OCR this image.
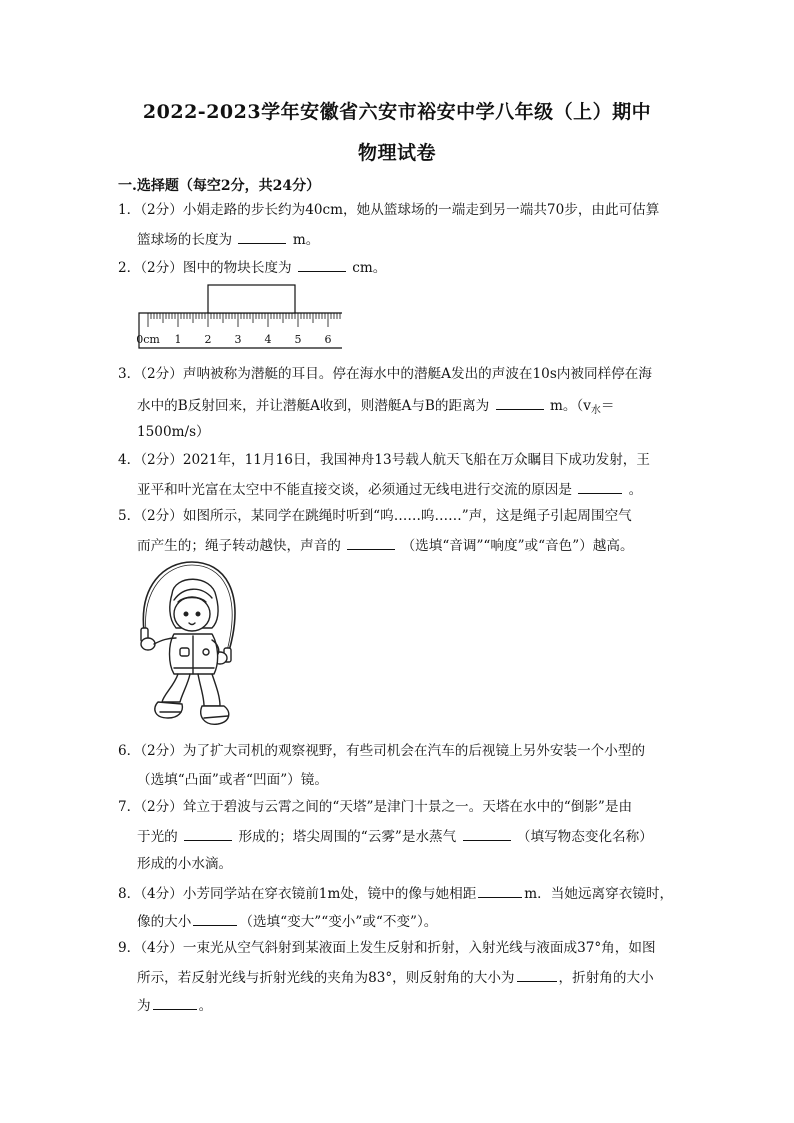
2022-2023学年安徽省六安市裕安中学八年级（上）期中
物理试卷
一.选择题（每空2分，共24分）
1．（2分）小娟走路的步长约为40cm，她从篮球场的一端走到另一端共70步，由此可估算
篮球场的长度为	m。
2．（2分）图中的物块长度为	cm。
0cm 1 2 3 4 5 6
3．（2分）声呐被称为潜艇的耳目。停在海水中的潜艇A发出的声波在10s内被同样停在海
水中的B反射回来，并让潜艇A收到，则潜艇A与B的距离为	m。（$v_水=$
1500m/s）
4．（2分）2021年，11月16日，我国神舟13号载人航天飞船在万众瞩目下成功发射，王
亚平和叶光富在太空中不能直接交谈，必须通过无线电进行交流的原因是	。
5．（2分）如图所示，某同学在跳绳时听到“呜……呜……”声，这是绳子引起周围空气
而产生的；绳子转动越快，声音的	（选填“音调”“响度”或“音色”）越高。
6．（2分）为了扩大司机的观察视野，有些司机会在汽车的后视镜上另外安装一个小型的
（选填“凸面”或者“凹面”）镜。
7．（2分）耸立于碧波与云霄之间的“天塔”是津门十景之一。天塔在水中的“倒影”是由
于光的	形成的；塔尖周围的“云雾”是水蒸气	（填写物态变化名称）
形成的小水滴。
8．（4分）小芳同学站在穿衣镜前1m处，镜中的像与她相距	m．当她远离穿衣镜时，
像的大小	（选填“变大”“变小”或“不变”）。
9．（4分）一束光从空气斜射到某液面上发生反射和折射，入射光线与液面成37°角，如图
所示，若反射光线与折射光线的夹角为83°，则反射角的大小为	，折射角的大小
为	。
